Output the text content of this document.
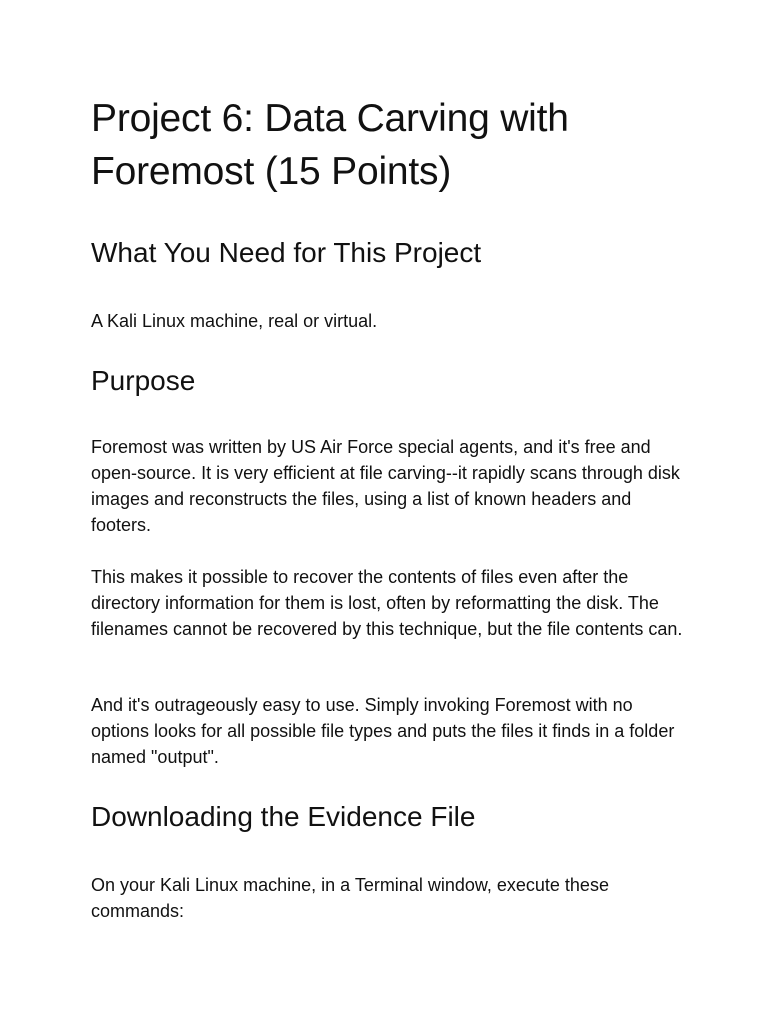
Project 6: Data Carving with Foremost (15 Points)
What You Need for This Project

A Kali Linux machine, real or virtual.

Purpose

Foremost was written by US Air Force special agents, and it's free and open-source. It is very efficient at file carving--it rapidly scans through disk images and reconstructs the files, using a list of known headers and footers.

This makes it possible to recover the contents of files even after the directory information for them is lost, often by reformatting the disk. The filenames cannot be recovered by this technique, but the file contents can.

And it's outrageously easy to use. Simply invoking Foremost with no options looks for all possible file types and puts the files it finds in a folder named "output".

Downloading the Evidence File

On your Kali Linux machine, in a Terminal window, execute these commands:
